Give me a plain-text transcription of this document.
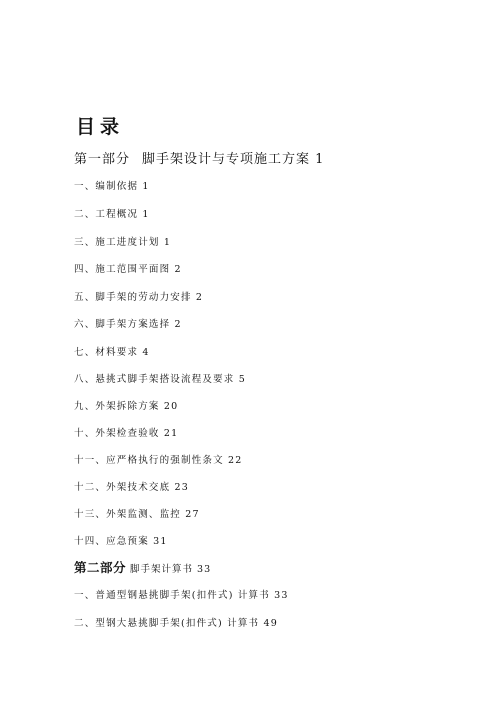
目录
第一部分 脚手架设计与专项施工方案 1
一、编制依据 1
二、工程概况 1
三、施工进度计划 1
四、施工范围平面图 2
五、脚手架的劳动力安排 2
六、脚手架方案选择 2
七、材料要求 4
八、悬挑式脚手架搭设流程及要求 5
九、外架拆除方案 20
十、外架检查验收 21
十一、应严格执行的强制性条文 22
十二、外架技术交底 23
十三、外架监测、监控 27
十四、应急预案 31
第二部分 脚手架计算书 33
一、普通型钢悬挑脚手架(扣件式) 计算书 33
二、型钢大悬挑脚手架(扣件式) 计算书 49
